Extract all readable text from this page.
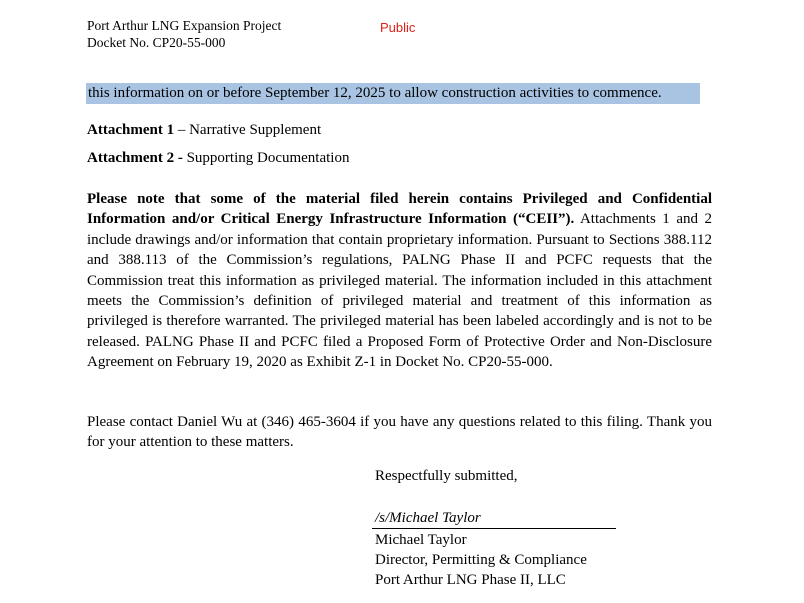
Port Arthur LNG Expansion Project
Docket No. CP20-55-000
Public
this information on or before September 12, 2025 to allow construction activities to commence.
Attachment 1 – Narrative Supplement
Attachment 2 - Supporting Documentation
Please note that some of the material filed herein contains Privileged and Confidential Information and/or Critical Energy Infrastructure Information (“CEII”). Attachments 1 and 2 include drawings and/or information that contain proprietary information. Pursuant to Sections 388.112 and 388.113 of the Commission’s regulations, PALNG Phase II and PCFC requests that the Commission treat this information as privileged material. The information included in this attachment meets the Commission’s definition of privileged material and treatment of this information as privileged is therefore warranted. The privileged material has been labeled accordingly and is not to be released. PALNG Phase II and PCFC filed a Proposed Form of Protective Order and Non-Disclosure Agreement on February 19, 2020 as Exhibit Z-1 in Docket No. CP20-55-000.
Please contact Daniel Wu at (346) 465-3604 if you have any questions related to this filing. Thank you for your attention to these matters.
Respectfully submitted,
/s/Michael Taylor
Michael Taylor
Director, Permitting & Compliance
Port Arthur LNG Phase II, LLC
